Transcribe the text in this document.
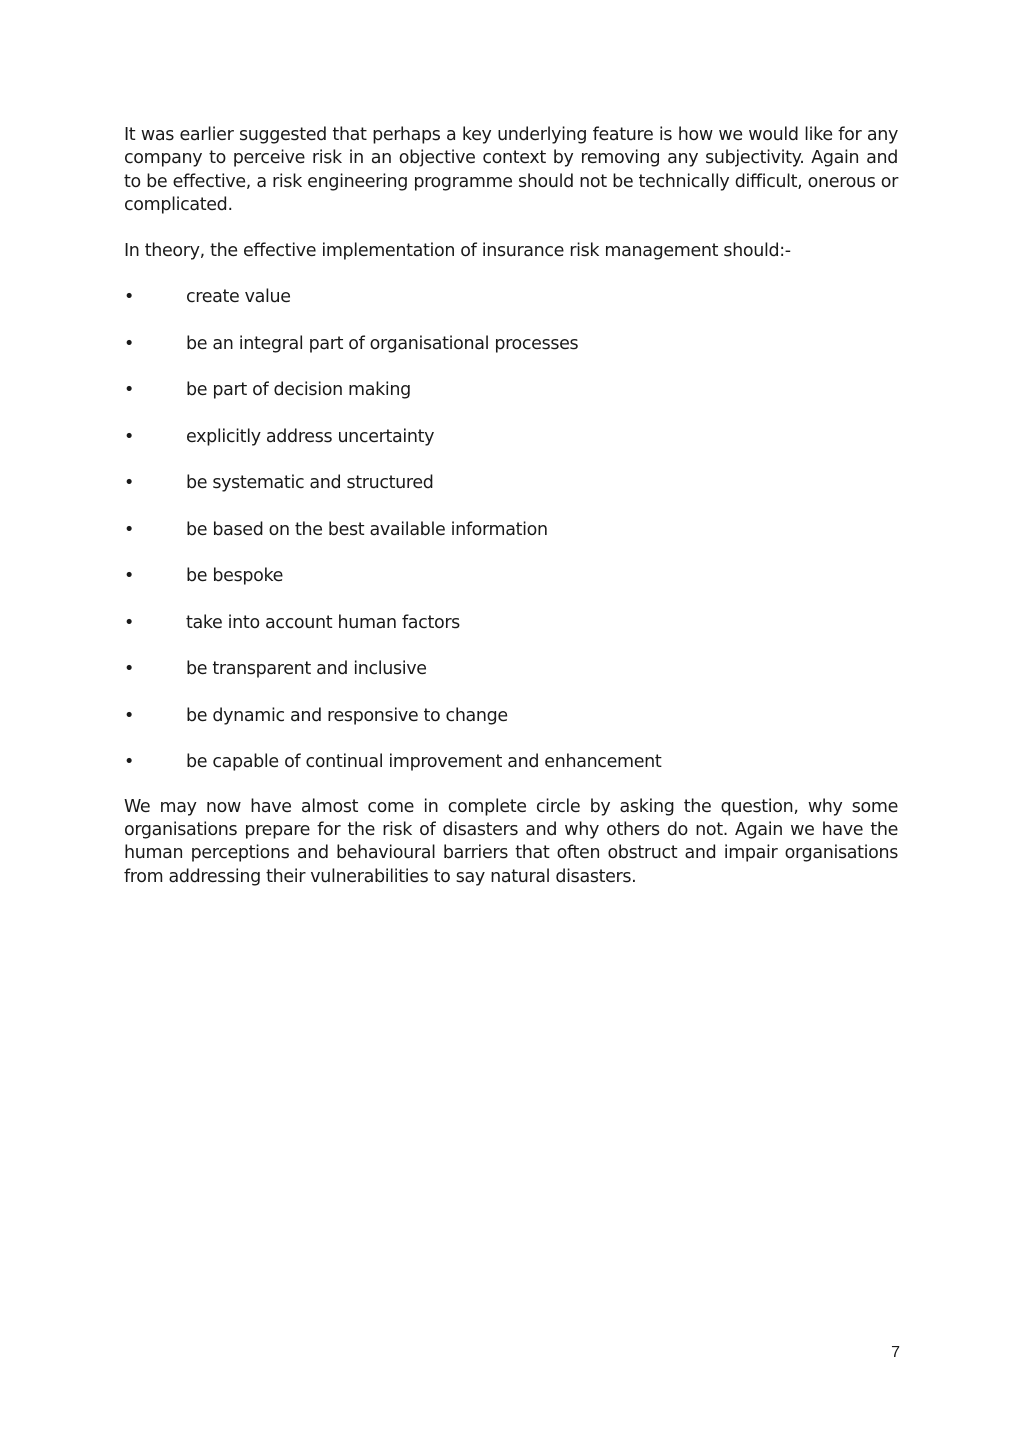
It was earlier suggested that perhaps a key underlying feature is how we would like for any company to perceive risk in an objective context by removing any subjectivity. Again and to be effective, a risk engineering programme should not be technically difficult, onerous or complicated.

In theory, the effective implementation of insurance risk management should:-

•	create value
•	be an integral part of organisational processes
•	be part of decision making
•	explicitly address uncertainty
•	be systematic and structured
•	be based on the best available information
•	be bespoke
•	take into account human factors
•	be transparent and inclusive
•	be dynamic and responsive to change
•	be capable of continual improvement and enhancement

We may now have almost come in complete circle by asking the question, why some organisations prepare for the risk of disasters and why others do not. Again we have the human perceptions and behavioural barriers that often obstruct and impair organisations from addressing their vulnerabilities to say natural disasters.

7
